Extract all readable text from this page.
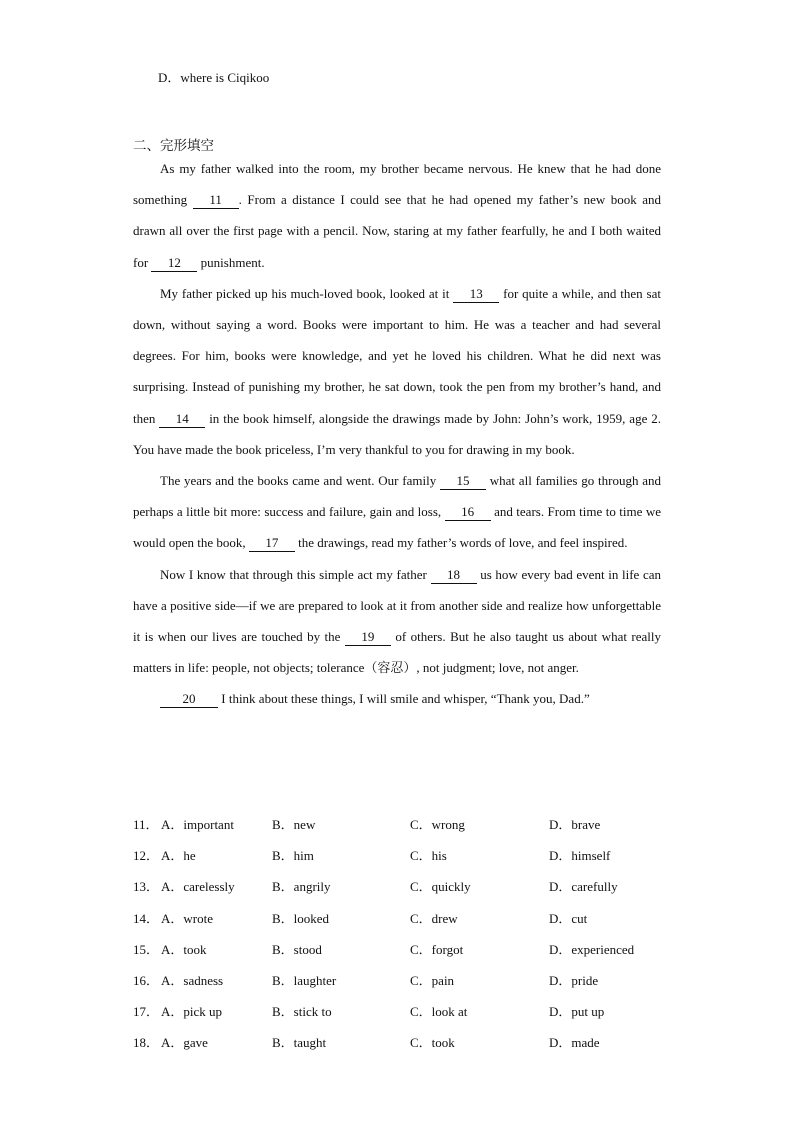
D．where is Ciqikoo
二、完形填空

As my father walked into the room, my brother became nervous. He knew that he had done something 11 . From a distance I could see that he had opened my father’s new book and drawn all over the first page with a pencil. Now, staring at my father fearfully, he and I both waited for 12 punishment.

My father picked up his much-loved book, looked at it 13 for quite a while, and then sat down, without saying a word. Books were important to him. He was a teacher and had several degrees. For him, books were knowledge, and yet he loved his children. What he did next was surprising. Instead of punishing my brother, he sat down, took the pen from my brother’s hand, and then 14 in the book himself, alongside the drawings made by John: John’s work, 1959, age 2. You have made the book priceless, I’m very thankful to you for drawing in my book.

The years and the books came and went. Our family 15 what all families go through and perhaps a little bit more: success and failure, gain and loss, 16 and tears. From time to time we would open the book, 17 the drawings, read my father’s words of love, and feel inspired.

Now I know that through this simple act my father 18 us how every bad event in life can have a positive side—if we are prepared to look at it from another side and realize how unforgettable it is when our lives are touched by the 19 of others. But he also taught us about what really matters in life: people, not objects; tolerance（容忍）, not judgment; love, not anger.

20 I think about these things, I will smile and whisper, “Thank you, Dad.”

11． A．important	B．new	C．wrong	D．brave
12． A．he	B．him	C．his	D．himself
13． A．carelessly	B．angrily	C．quickly	D．carefully
14． A．wrote	B．looked	C．drew	D．cut
15． A．took	B．stood	C．forgot	D．experienced
16． A．sadness	B．laughter	C．pain	D．pride
17． A．pick up	B．stick to	C．look at	D．put up
18． A．gave	B．taught	C．took	D．made
